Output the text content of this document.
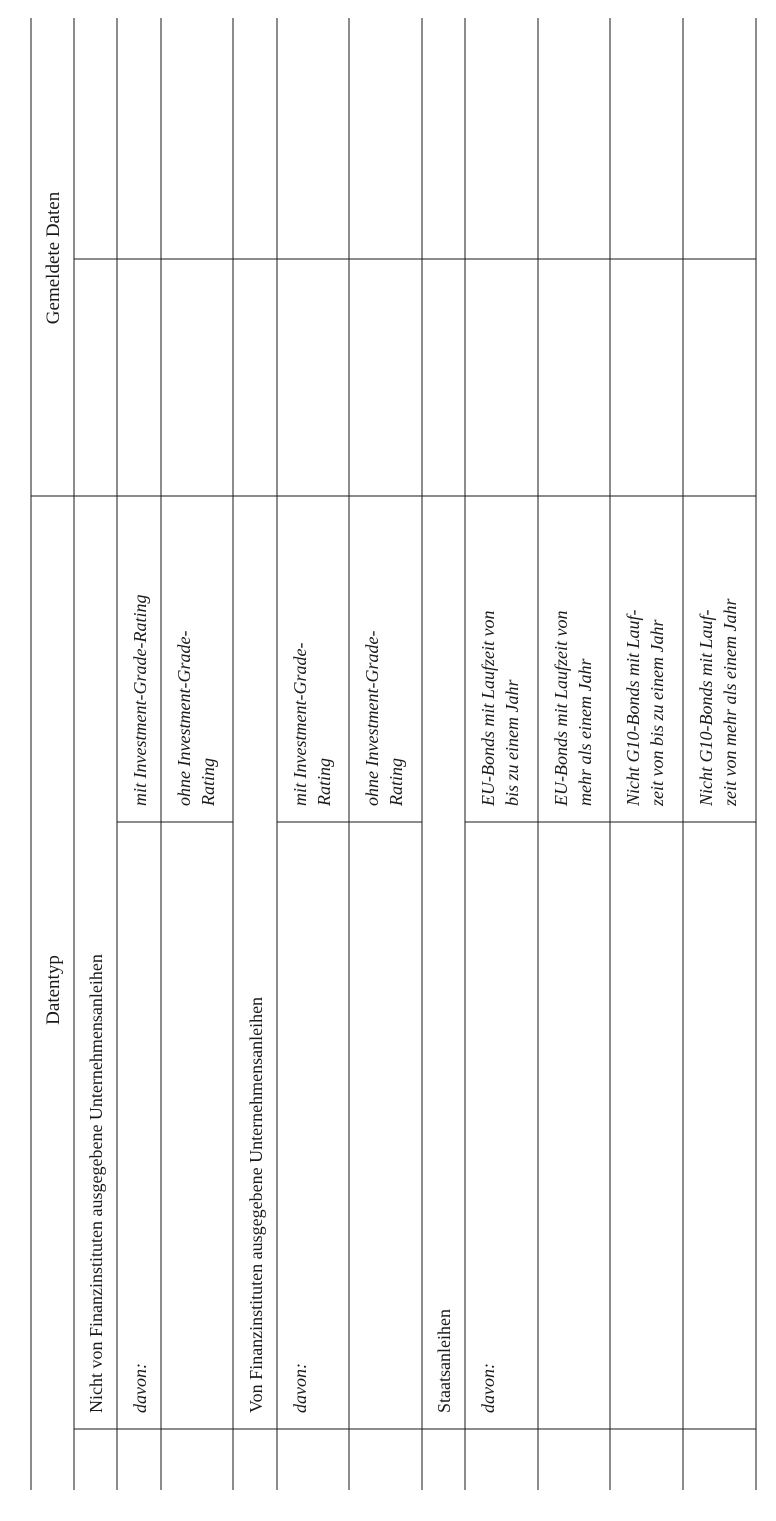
Datentyp
Gemeldete Daten
Nicht von Finanzinstituten ausgegebene Unternehmensanleihen davon:
mit Investment-Grade-Rating ohne Investment-Grade- Rating
Von Finanzinstituten ausgegebene Unternehmensanleihen davon:
mit Investment-Grade- Rating ohne Investment-Grade- Rating
Staatsanleihen davon:
EU-Bonds mit Laufzeit von bis zu einem Jahr EU-Bonds mit Laufzeit von mehr als einem Jahr Nicht G10-Bonds mit Lauf- zeit von bis zu einem Jahr Nicht G10-Bonds mit Lauf- zeit von mehr als einem Jahr
